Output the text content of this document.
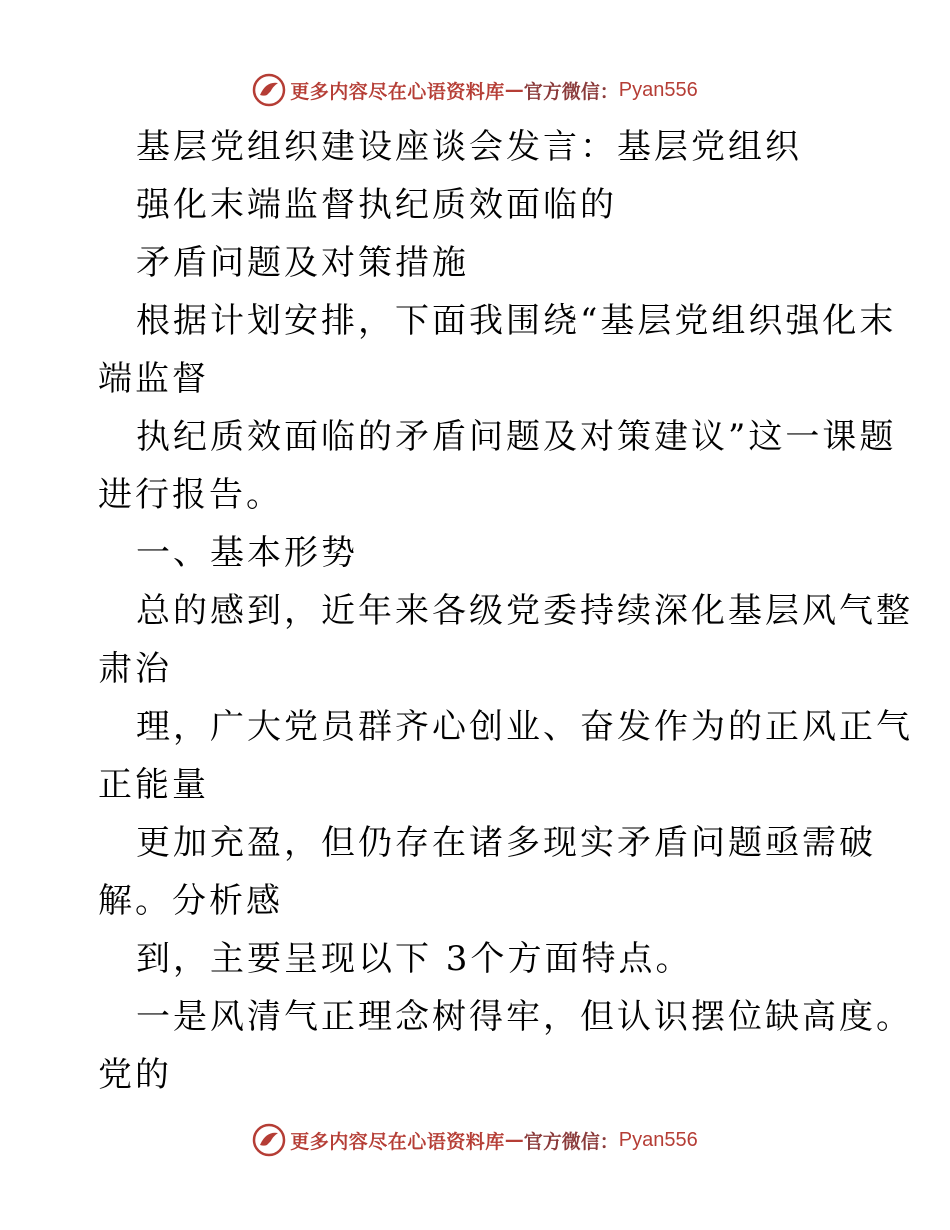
更多内容尽在心语资料库 — 官方微信： Pyan556
基层党组织建设座谈会发言：基层党组织
强化末端监督执纪质效面临的
矛盾问题及对策措施
根据计划安排，下面我围绕“基层党组织强化末
端监督
执纪质效面临的矛盾问题及对策建议”这一课题
进行报告。
一、基本形势
总的感到，近年来各级党委持续深化基层风气整
肃治
理，广大党员群齐心创业、奋发作为的正风正气
正能量
更加充盈，但仍存在诸多现实矛盾问题亟需破
解。分析感
到，主要呈现以下 3个方面特点。
一是风清气正理念树得牢，但认识摆位缺高度。
党的
更多内容尽在心语资料库 — 官方微信： Pyan556
